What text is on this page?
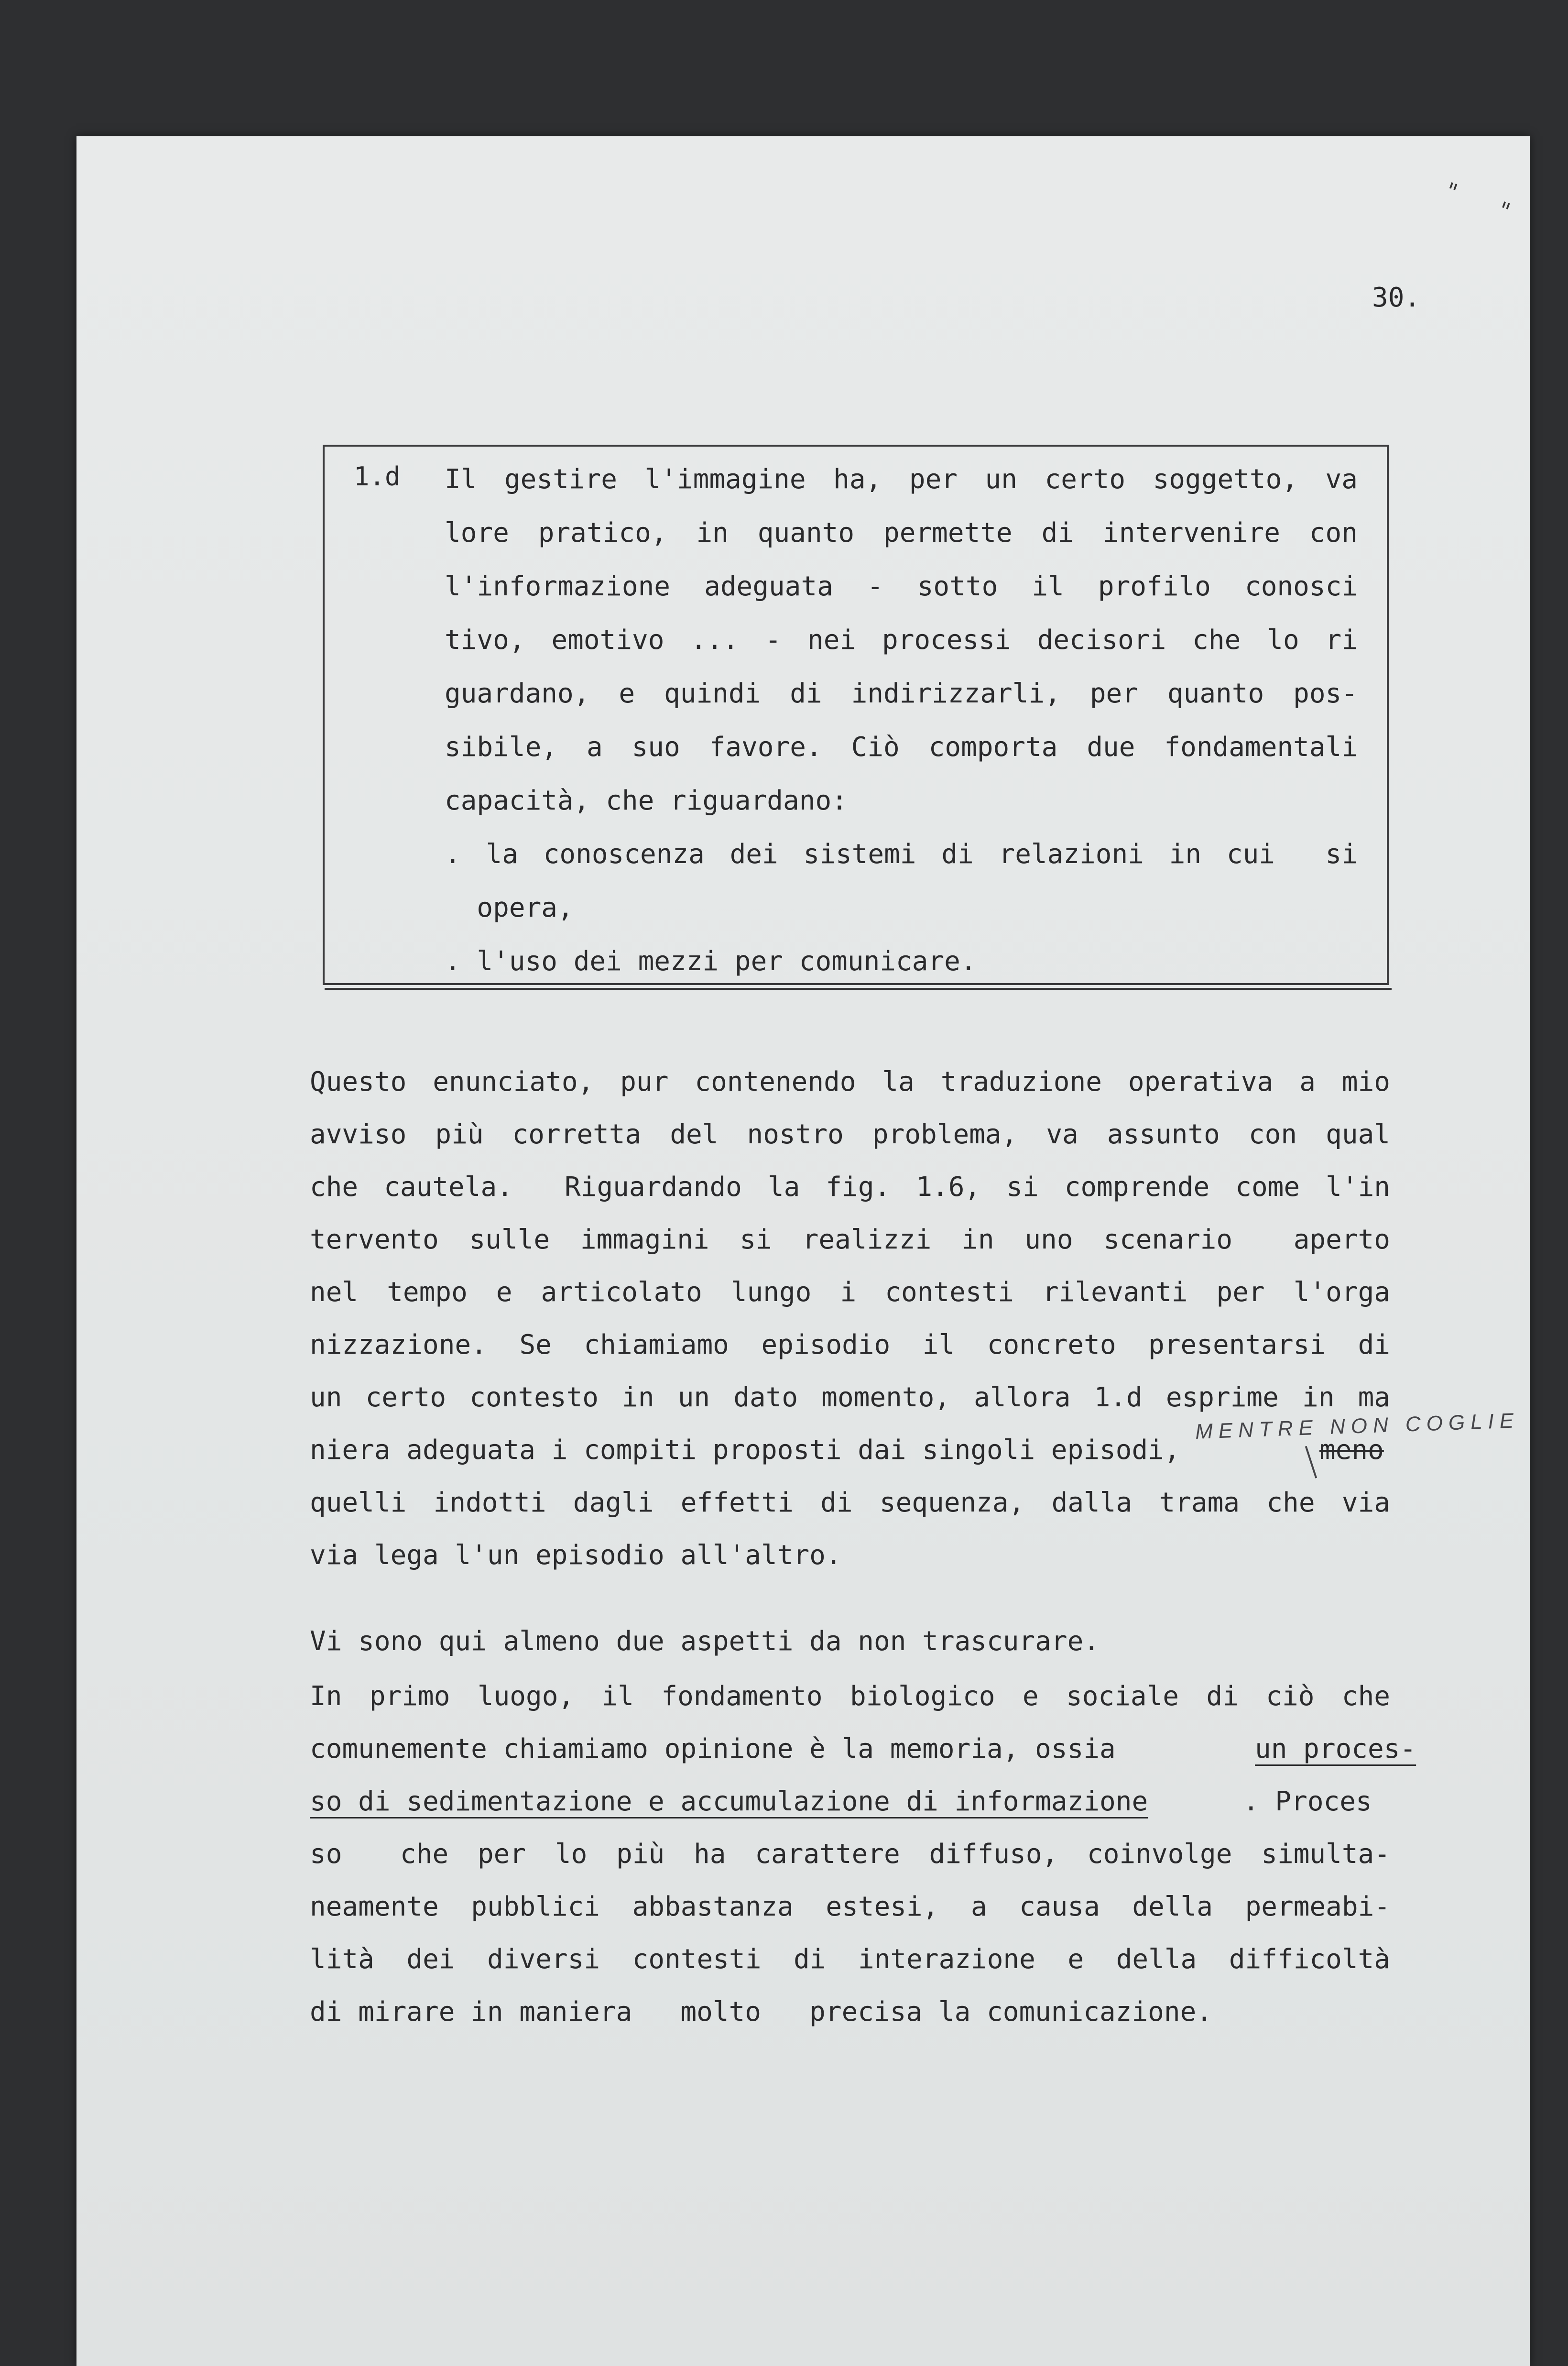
" "
30.
1.d Il gestire l'immagine ha, per un certo soggetto, va
lore pratico, in quanto permette di intervenire con
l'informazione adeguata - sotto il profilo conosci
tivo, emotivo ... - nei processi decisori che lo ri
guardano, e quindi di indirizzarli, per quanto pos-
sibile, a suo favore. Ciò comporta due fondamentali
capacità, che riguardano:
. la conoscenza dei sistemi di relazioni in cui  si
opera,
. l'uso dei mezzi per comunicare.
Questo enunciato, pur contenendo la traduzione operativa a mio
avviso più corretta del nostro problema, va assunto con qual
che cautela.  Riguardando la fig. 1.6, si comprende come l'in
tervento sulle immagini si realizzi in uno scenario  aperto
nel tempo e articolato lungo i contesti rilevanti per l'orga
nizzazione. Se chiamiamo episodio il concreto presentarsi di
un certo contesto in un dato momento, allora 1.d esprime in ma
niera adeguata i compiti proposti dai singoli episodi,	meno
MENTRE NON COGLIE
quelli indotti dagli effetti di sequenza, dalla trama che via
via lega l'un episodio all'altro.
Vi sono qui almeno due aspetti da non trascurare.
In primo luogo, il fondamento biologico e sociale di ciò che
comunemente chiamiamo opinione è la memoria, ossia	un proces-
so di sedimentazione e accumulazione di informazione	. Proces
so  che per lo più ha carattere diffuso, coinvolge simulta-
neamente pubblici abbastanza estesi, a causa della permeabi-
lità dei diversi contesti di interazione e della difficoltà
di mirare in maniera   molto   precisa la comunicazione.
